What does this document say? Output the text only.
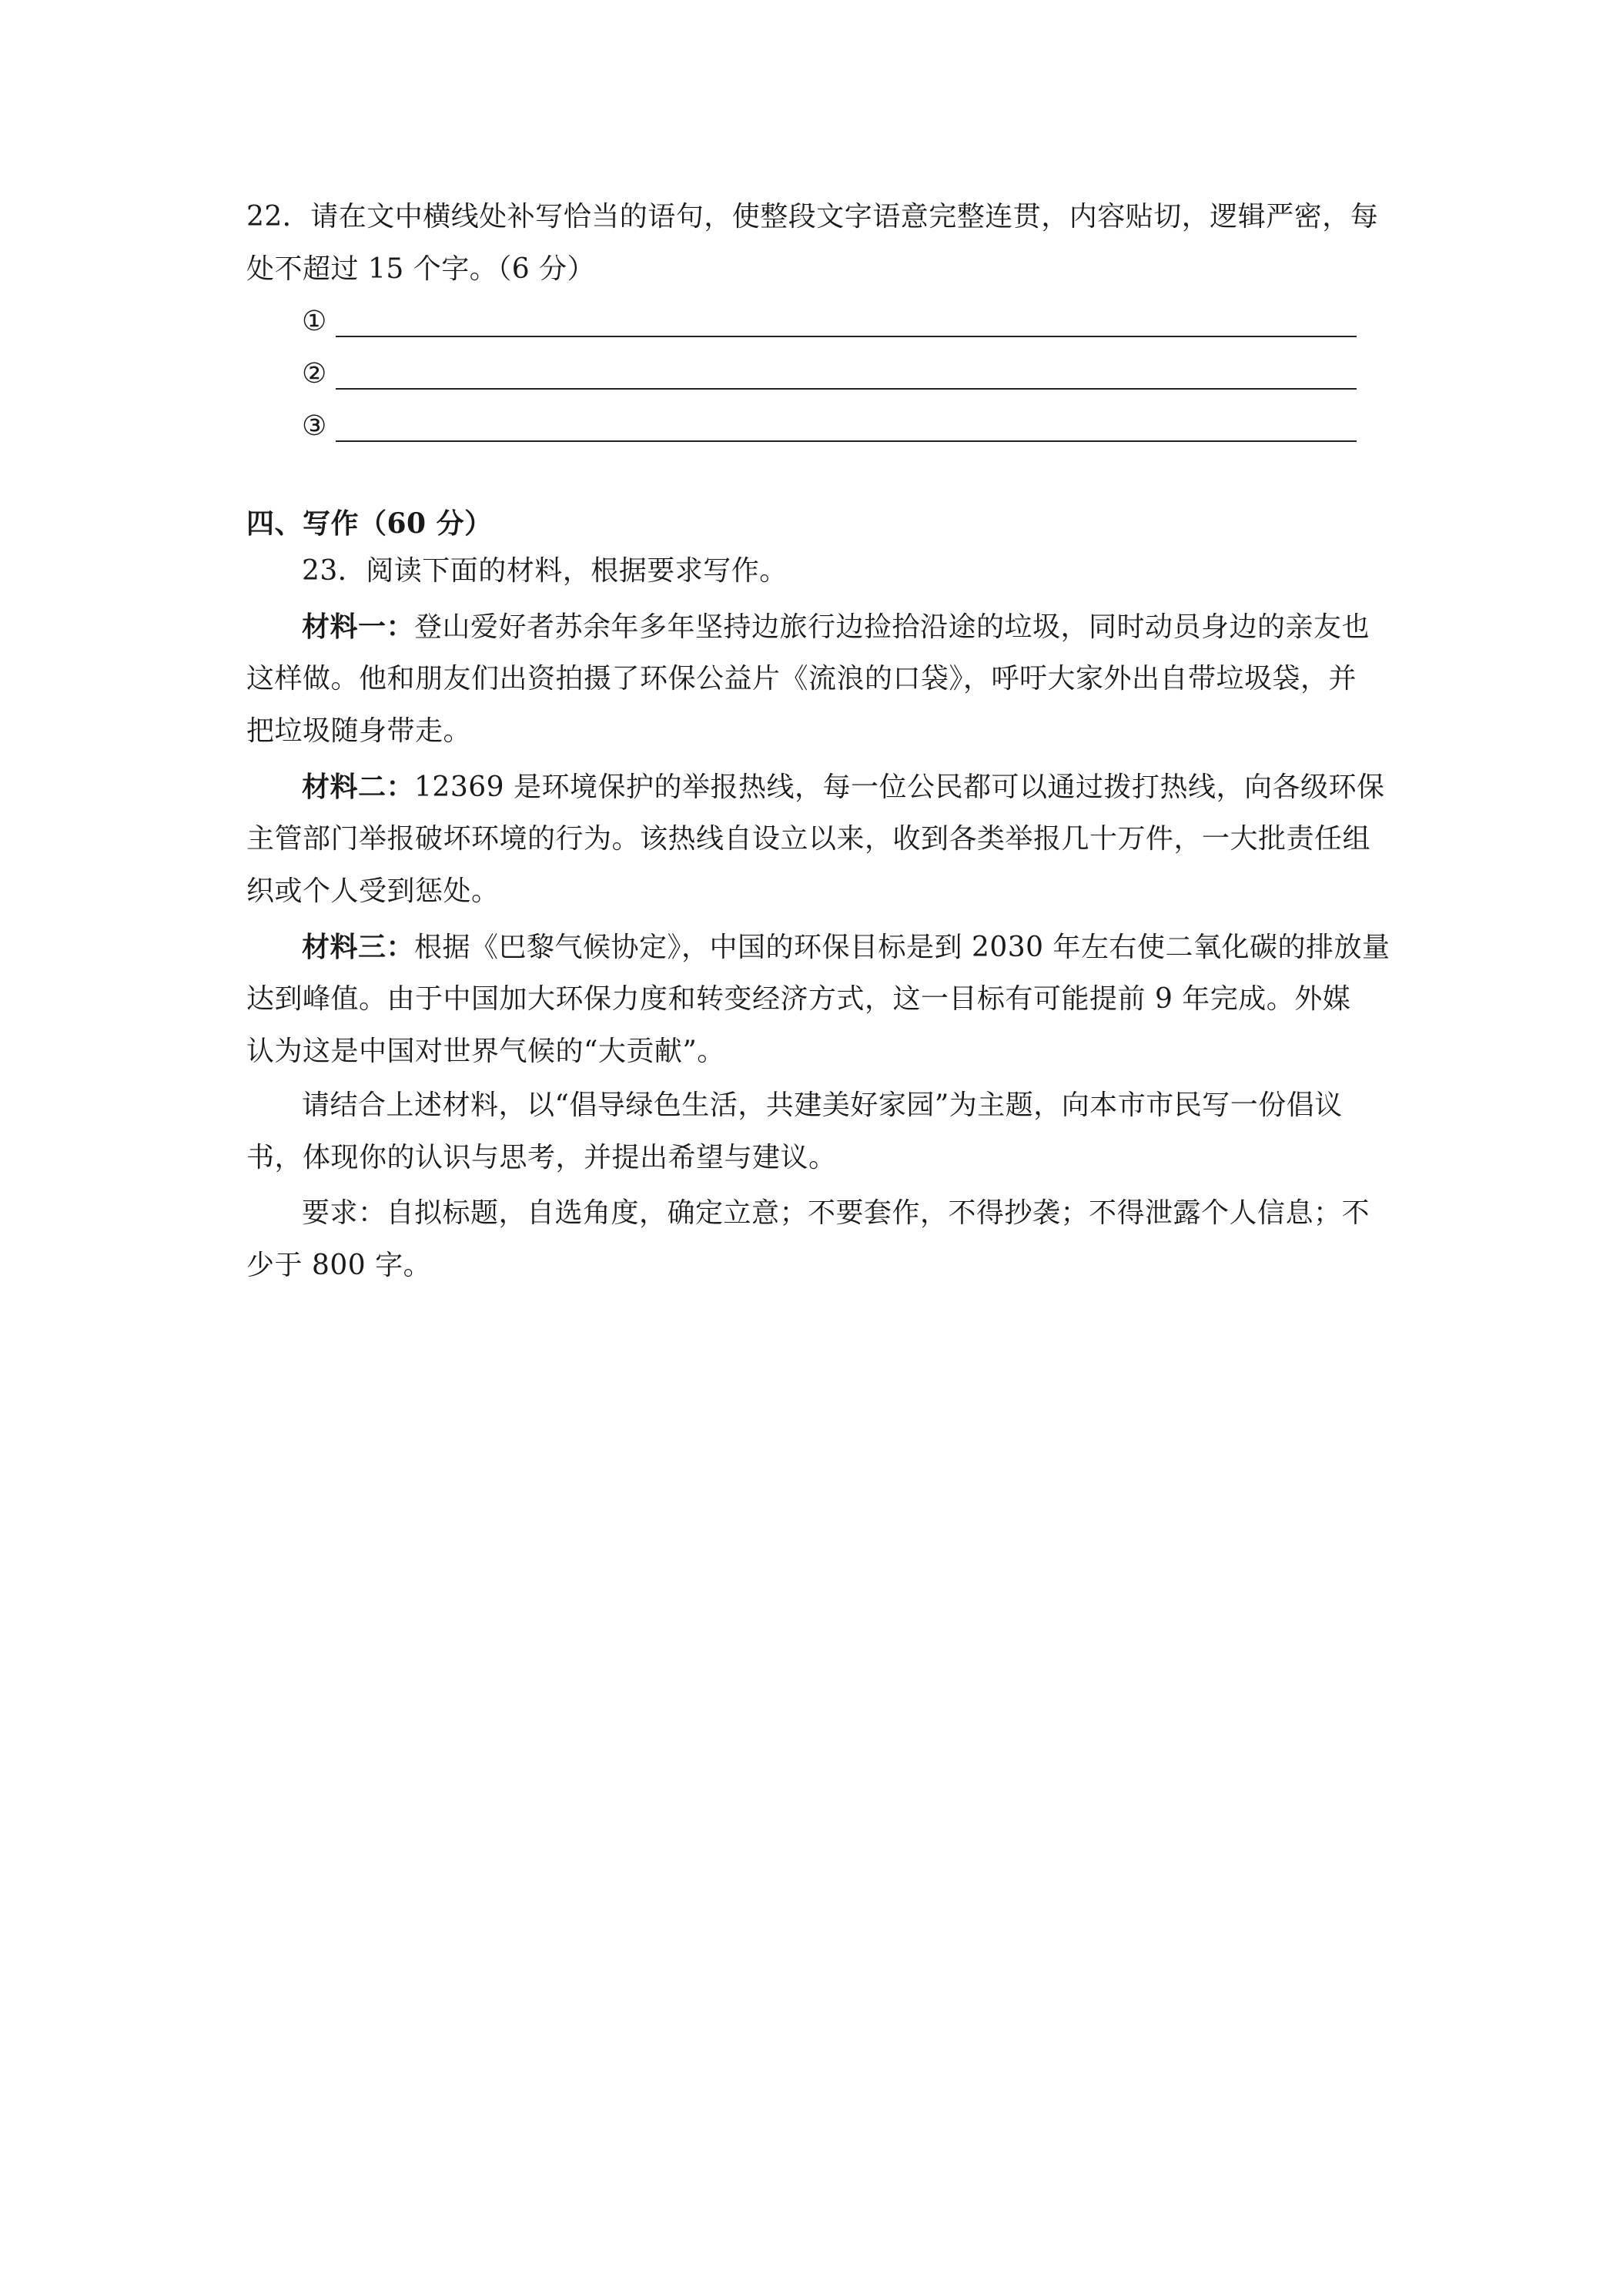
22．请在文中横线处补写恰当的语句，使整段文字语意完整连贯，内容贴切，逻辑严密，每
处不超过 15 个字。（6 分）
①
②
③
四、写作（60 分）
23．阅读下面的材料，根据要求写作。
材料一：登山爱好者苏余年多年坚持边旅行边捡拾沿途的垃圾，同时动员身边的亲友也
这样做。他和朋友们出资拍摄了环保公益片《流浪的口袋》，呼吁大家外出自带垃圾袋，并
把垃圾随身带走。
材料二：12369 是环境保护的举报热线，每一位公民都可以通过拨打热线，向各级环保
主管部门举报破坏环境的行为。该热线自设立以来，收到各类举报几十万件，一大批责任组
织或个人受到惩处。
材料三：根据《巴黎气候协定》，中国的环保目标是到 2030 年左右使二氧化碳的排放量
达到峰值。由于中国加大环保力度和转变经济方式，这一目标有可能提前 9 年完成。外媒
认为这是中国对世界气候的“大贡献”。
请结合上述材料，以“倡导绿色生活，共建美好家园”为主题，向本市市民写一份倡议
书，体现你的认识与思考，并提出希望与建议。
要求：自拟标题，自选角度，确定立意；不要套作，不得抄袭；不得泄露个人信息；不
少于 800 字。
